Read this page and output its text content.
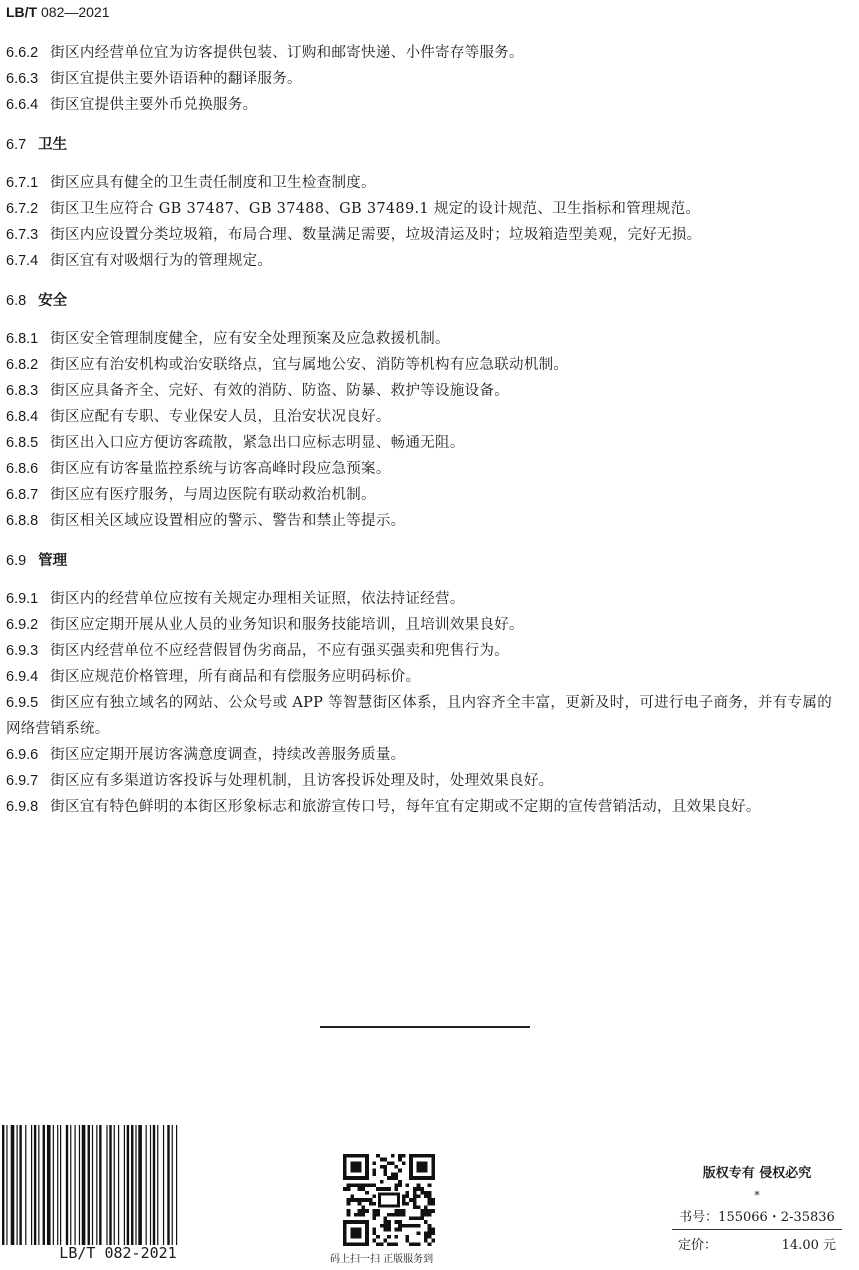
LB/T 082—2021
6.6.2 街区内经营单位宜为访客提供包装、订购和邮寄快递、小件寄存等服务。
6.6.3 街区宜提供主要外语语种的翻译服务。
6.6.4 街区宜提供主要外币兑换服务。
6.7 卫生
6.7.1 街区应具有健全的卫生责任制度和卫生检查制度。
6.7.2 街区卫生应符合 GB 37487、GB 37488、GB 37489.1 规定的设计规范、卫生指标和管理规范。
6.7.3 街区内应设置分类垃圾箱，布局合理、数量满足需要，垃圾清运及时；垃圾箱造型美观，完好无损。
6.7.4 街区宜有对吸烟行为的管理规定。
6.8 安全
6.8.1 街区安全管理制度健全，应有安全处理预案及应急救援机制。
6.8.2 街区应有治安机构或治安联络点，宜与属地公安、消防等机构有应急联动机制。
6.8.3 街区应具备齐全、完好、有效的消防、防盗、防暴、救护等设施设备。
6.8.4 街区应配有专职、专业保安人员，且治安状况良好。
6.8.5 街区出入口应方便访客疏散，紧急出口应标志明显、畅通无阻。
6.8.6 街区应有访客量监控系统与访客高峰时段应急预案。
6.8.7 街区应有医疗服务，与周边医院有联动救治机制。
6.8.8 街区相关区域应设置相应的警示、警告和禁止等提示。
6.9 管理
6.9.1 街区内的经营单位应按有关规定办理相关证照，依法持证经营。
6.9.2 街区应定期开展从业人员的业务知识和服务技能培训，且培训效果良好。
6.9.3 街区内经营单位不应经营假冒伪劣商品，不应有强买强卖和兜售行为。
6.9.4 街区应规范价格管理，所有商品和有偿服务应明码标价。
6.9.5 街区应有独立域名的网站、公众号或 APP 等智慧街区体系，且内容齐全丰富，更新及时，可进行电子商务，并有专属的网络营销系统。
6.9.6 街区应定期开展访客满意度调查，持续改善服务质量。
6.9.7 街区应有多渠道访客投诉与处理机制，且访客投诉处理及时，处理效果良好。
6.9.8 街区宜有特色鲜明的本街区形象标志和旅游宣传口号，每年宜有定期或不定期的宣传营销活动，且效果良好。
LB/T 082-2021	码上扫一扫 正版服务到
版权专有 侵权必究
*
书号：155066・2-35836
定价：	14.00 元
